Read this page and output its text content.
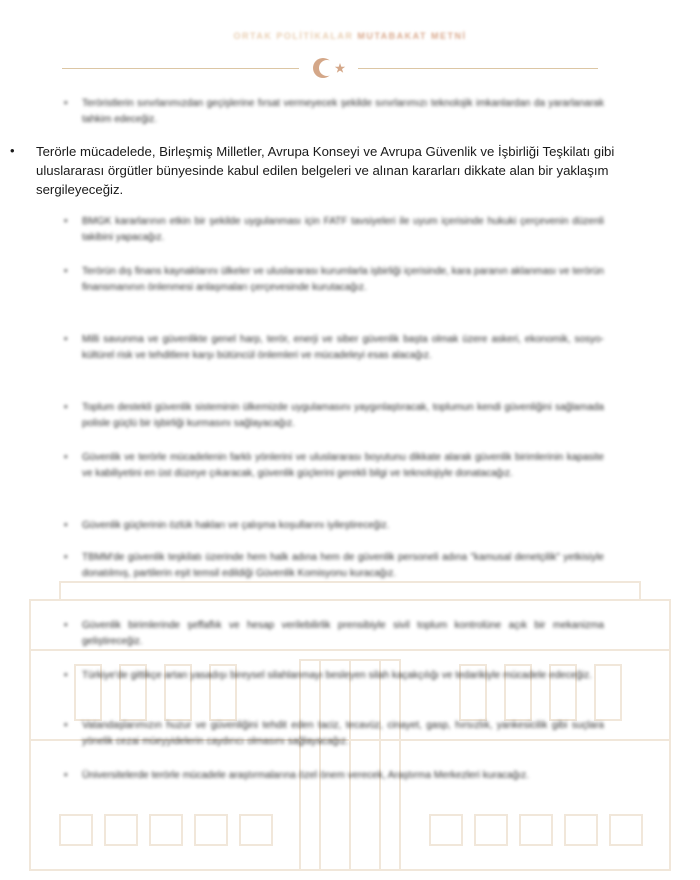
ORTAK POLİTİKALAR MUTABAKAT METNİ
•	Teröristlerin sınırlarımızdan geçişlerine fırsat vermeyecek şekilde sınırlarımızı teknolojik imkanlardan da yararlanarak tahkim edeceğiz.
•	Terörle mücadelede, Birleşmiş Milletler, Avrupa Konseyi ve Avrupa Güvenlik ve İşbirliği Teşkilatı gibi uluslararası örgütler bünyesinde kabul edilen belgeleri ve alınan kararları dikkate alan bir yaklaşım sergileyeceğiz.
•	BMGK kararlarının etkin bir şekilde uygulanması için FATF tavsiyeleri ile uyum içerisinde hukuki çerçevenin düzenli takibini yapacağız.
•	Terörün dış finans kaynaklarını ülkeler ve uluslararası kurumlarla işbirliği içerisinde, kara paranın aklanması ve terörün finansmanının önlenmesi anlaşmaları çerçevesinde kurutacağız.
•	Milli savunma ve güvenlikte genel harp, terör, enerji ve siber güvenlik başta olmak üzere askeri, ekonomik, sosyo-kültürel risk ve tehditlere karşı bütüncül önlemleri ve mücadeleyi esas alacağız.
•	Toplum destekli güvenlik sisteminin ülkemizde uygulamasını yaygınlaştıracak, toplumun kendi güvenliğini sağlamada polisle güçlü bir işbirliği kurmasını sağlayacağız.
•	Güvenlik ve terörle mücadelenin farklı yönlerini ve uluslararası boyutunu dikkate alarak güvenlik birimlerinin kapasite ve kabiliyetini en üst düzeye çıkaracak, güvenlik güçlerini gerekli bilgi ve teknolojiyle donatacağız.
•	Güvenlik güçlerinin özlük hakları ve çalışma koşullarını iyileştireceğiz.
•	TBMM'de güvenlik teşkilatı üzerinde hem halk adına hem de güvenlik personeli adına "kamusal denetçilik" yetkisiyle donatılmış, partilerin eşit temsil edildiği Güvenlik Komisyonu kuracağız.
•	Güvenlik birimlerinde şeffaflık ve hesap verilebilirlik prensibiyle sivil toplum kontrolüne açık bir mekanizma geliştireceğiz.
•	Türkiye'de gittikçe artan yasadışı bireysel silahlanmayı besleyen silah kaçakçılığı ve tedarikiyle mücadele edeceğiz.
•	Vatandaşlarımızın huzur ve güvenliğini tehdit eden taciz, tecavüz, cinayet, gasp, hırsızlık, yankesicilik gibi suçlara yönelik cezai müeyyidelerin caydırıcı olmasını sağlayacağız.
•	Üniversitelerde terörle mücadele araştırmalarına özel önem verecek, Araştırma Merkezleri kuracağız.
